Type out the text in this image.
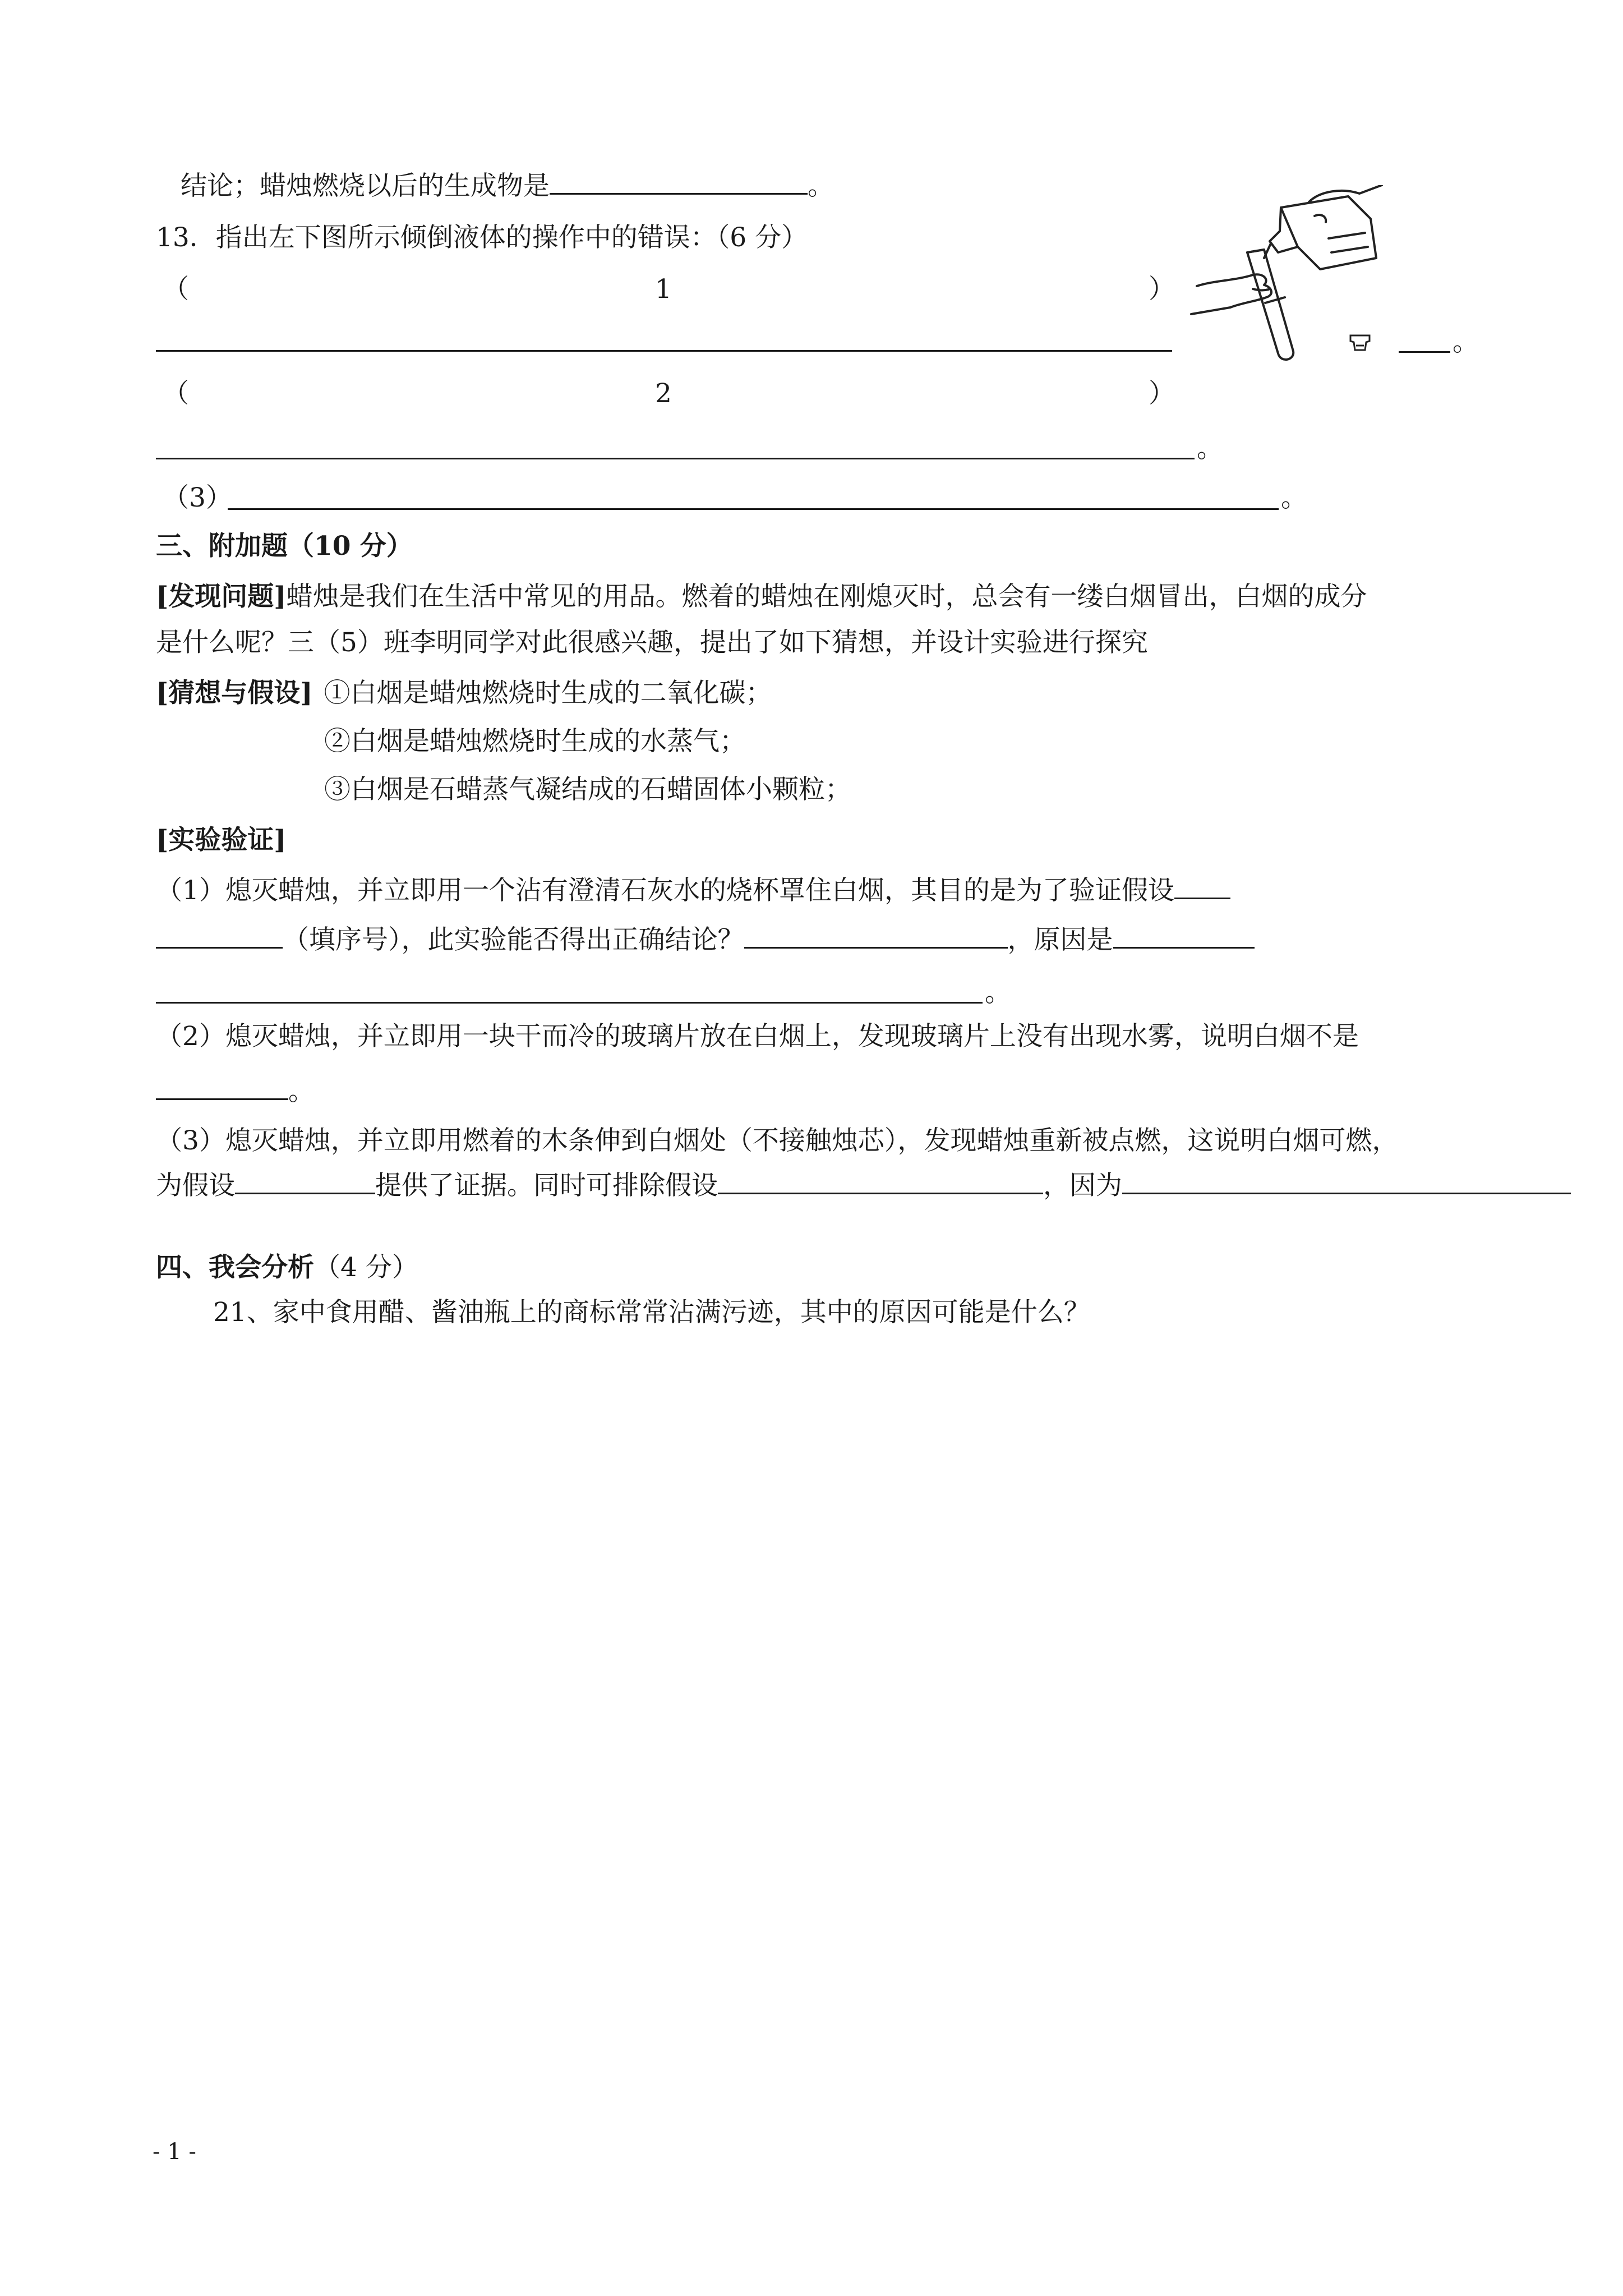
结论；蜡烛燃烧以后的生成物是	。
13．指出左下图所示倾倒液体的操作中的错误：（6 分）
（	1	）
。
（	2	）
。
（3）	。
三、附加题（10 分）
[发现问题]蜡烛是我们在生活中常见的用品。燃着的蜡烛在刚熄灭时，总会有一缕白烟冒出，白烟的成分
是什么呢？三（5）班李明同学对此很感兴趣，提出了如下猜想，并设计实验进行探究
[猜想与假设] ①白烟是蜡烛燃烧时生成的二氧化碳；
②白烟是蜡烛燃烧时生成的水蒸气；
③白烟是石蜡蒸气凝结成的石蜡固体小颗粒；
[实验验证]
（1）熄灭蜡烛，并立即用一个沾有澄清石灰水的烧杯罩住白烟，其目的是为了验证假设
（填序号），此实验能否得出正确结论？	，原因是
。
（2）熄灭蜡烛，并立即用一块干而冷的玻璃片放在白烟上，发现玻璃片上没有出现水雾，说明白烟不是
。
（3）熄灭蜡烛，并立即用燃着的木条伸到白烟处（不接触烛芯），发现蜡烛重新被点燃，这说明白烟可燃，
为假设	提供了证据。同时可排除假设	，因为
四、我会分析（4 分）
21、家中食用醋、酱油瓶上的商标常常沾满污迹，其中的原因可能是什么？
- 1 -
